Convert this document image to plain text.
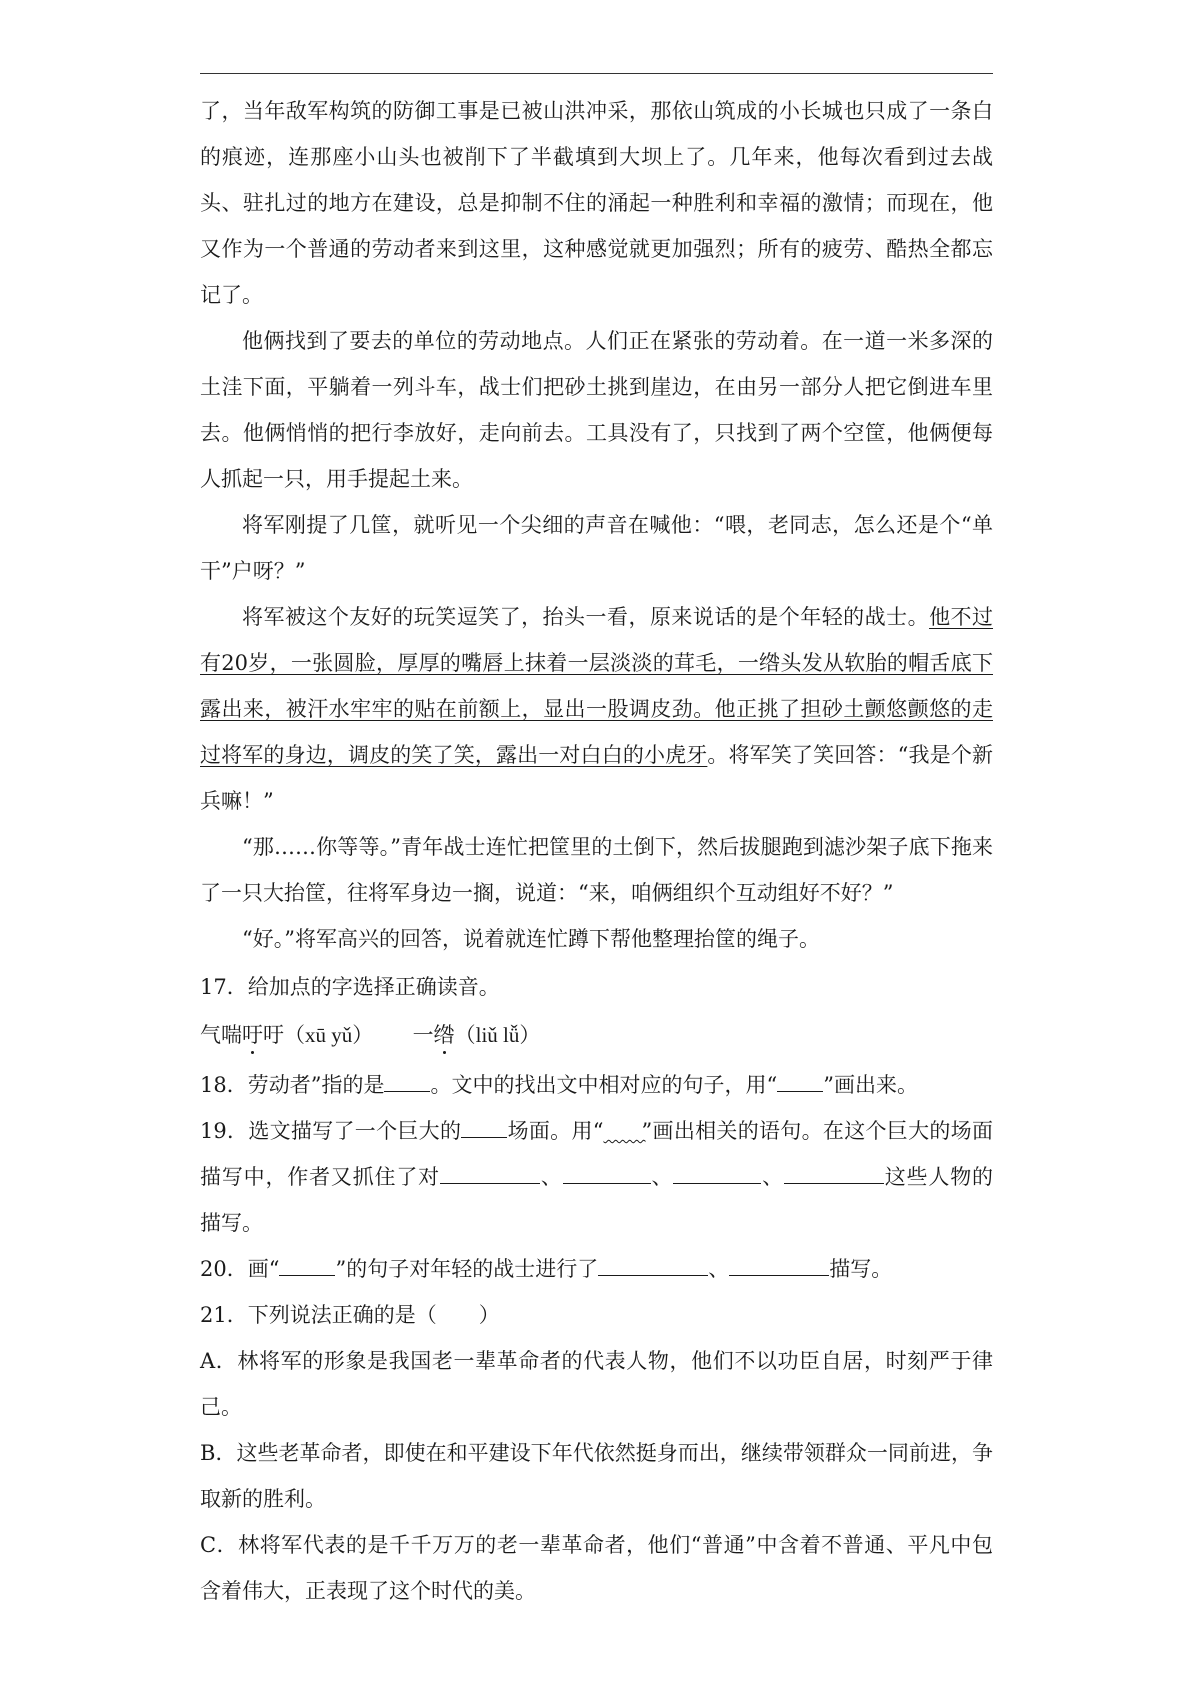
了，当年敌军构筑的防御工事是已被山洪冲采，那依山筑成的小长城也只成了一条白的痕迹，连那座小山头也被削下了半截填到大坝上了。几年来，他每次看到过去战头、驻扎过的地方在建设，总是抑制不住的涌起一种胜利和幸福的激情；而现在，他又作为一个普通的劳动者来到这里，这种感觉就更加强烈；所有的疲劳、酷热全都忘记了。

他俩找到了要去的单位的劳动地点。人们正在紧张的劳动着。在一道一米多深的土洼下面，平躺着一列斗车，战士们把砂土挑到崖边，在由另一部分人把它倒进车里去。他俩悄悄的把行李放好，走向前去。工具没有了，只找到了两个空筐，他俩便每人抓起一只，用手提起土来。

将军刚提了几筐，就听见一个尖细的声音在喊他：“喂，老同志，怎么还是个“单干”户呀？”

将军被这个友好的玩笑逗笑了，抬头一看，原来说话的是个年轻的战士。他不过有20岁，一张圆脸，厚厚的嘴唇上抹着一层淡淡的茸毛，一绺头发从软胎的帽舌底下露出来，被汗水牢牢的贴在前额上，显出一股调皮劲。他正挑了担砂土颤悠颤悠的走过将军的身边，调皮的笑了笑，露出一对白白的小虎牙。将军笑了笑回答：“我是个新兵嘛！”

“那……你等等。”青年战士连忙把筐里的土倒下，然后拔腿跑到滤沙架子底下拖来了一只大抬筐，往将军身边一搁，说道：“来，咱俩组织个互动组好不好？”

“好。”将军高兴的回答，说着就连忙蹲下帮他整理抬筐的绳子。

17．给加点的字选择正确读音。

气喘吁吁（xū yǔ） 一绺（liǔ lǚ）

18．劳动者”指的是 。文中的找出文中相对应的句子，用“ ”画出来。

19．选文描写了一个巨大的 场面。用“ ”画出相关的语句。在这个巨大的场面描写中，作者又抓住了对	、	、	、	这些人物的描写。

20．画“	”的句子对年轻的战士进行了	、	描写。

21．下列说法正确的是（　　）

A．林将军的形象是我国老一辈革命者的代表人物，他们不以功臣自居，时刻严于律己。

B．这些老革命者，即使在和平建设下年代依然挺身而出，继续带领群众一同前进，争取新的胜利。

C．林将军代表的是千千万万的老一辈革命者，他们“普通”中含着不普通、平凡中包含着伟大，正表现了这个时代的美。
